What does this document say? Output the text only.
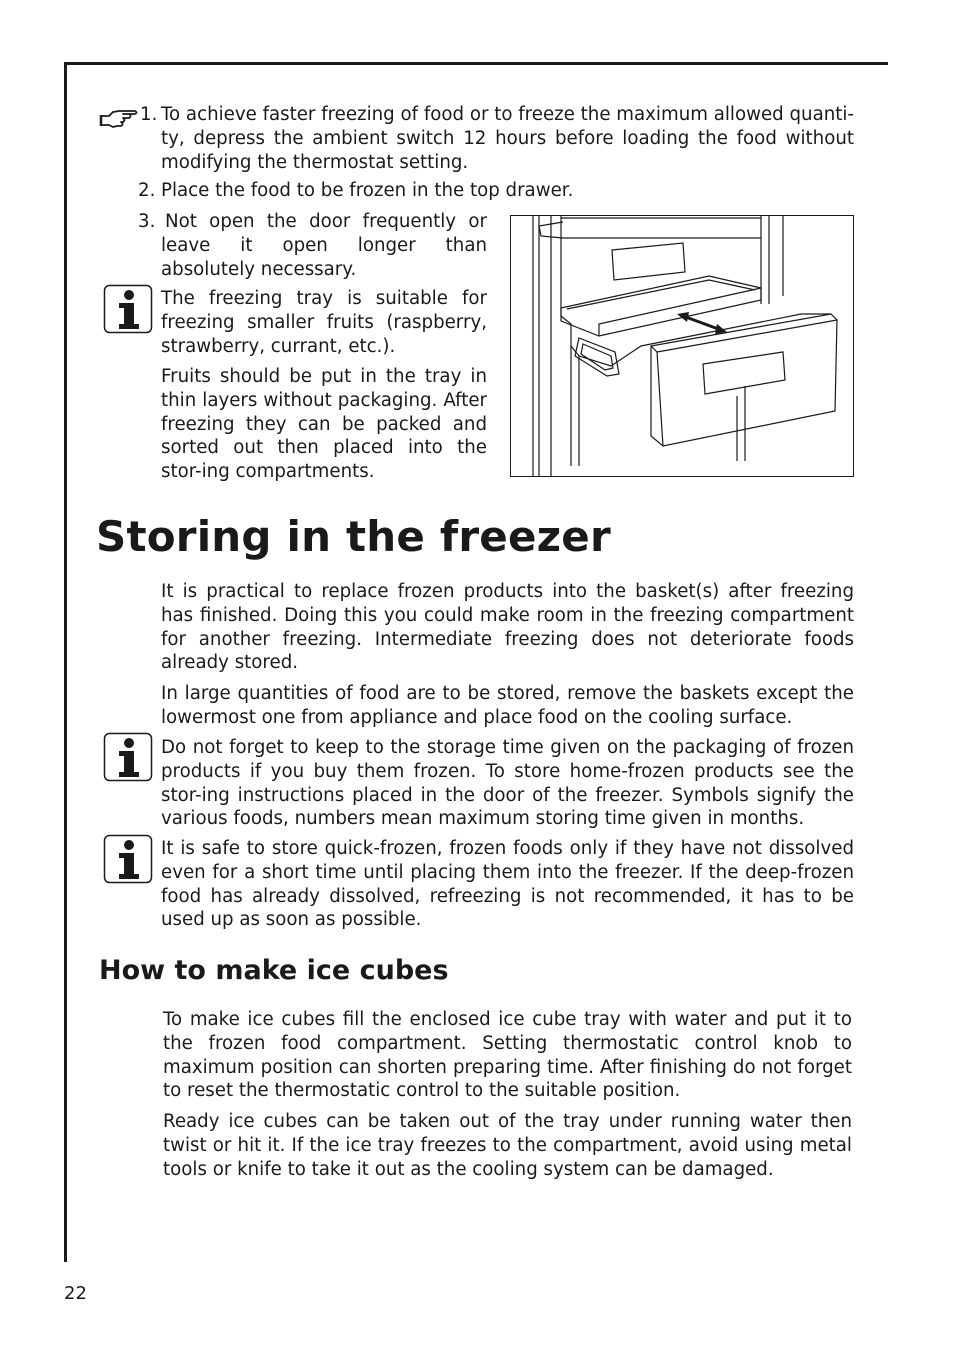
1. To achieve faster freezing of food or to freeze the maximum allowed quanti-ty, depress the ambient switch 12 hours before loading the food without modifying the thermostat setting.

2. Place the food to be frozen in the top drawer.

3. Not open the door frequently or leave it open longer than absolutely necessary.

The freezing tray is suitable for freezing smaller fruits (raspberry, strawberry, currant, etc.).

Fruits should be put in the tray in thin layers without packaging. After freezing they can be packed and sorted out then placed into the stor-ing compartments.

Storing in the freezer

It is practical to replace frozen products into the basket(s) after freezing has finished. Doing this you could make room in the freezing compartment for another freezing. Intermediate freezing does not deteriorate foods already stored.

In large quantities of food are to be stored, remove the baskets except the lowermost one from appliance and place food on the cooling surface.

Do not forget to keep to the storage time given on the packaging of frozen products if you buy them frozen. To store home-frozen products see the stor-ing instructions placed in the door of the freezer. Symbols signify the various foods, numbers mean maximum storing time given in months.

It is safe to store quick-frozen, frozen foods only if they have not dissolved even for a short time until placing them into the freezer. If the deep-frozen food has already dissolved, refreezing is not recommended, it has to be used up as soon as possible.

How to make ice cubes

To make ice cubes fill the enclosed ice cube tray with water and put it to the frozen food compartment. Setting thermostatic control knob to maximum position can shorten preparing time. After finishing do not forget to reset the thermostatic control to the suitable position.

Ready ice cubes can be taken out of the tray under running water then twist or hit it. If the ice tray freezes to the compartment, avoid using metal tools or knife to take it out as the cooling system can be damaged.

22
